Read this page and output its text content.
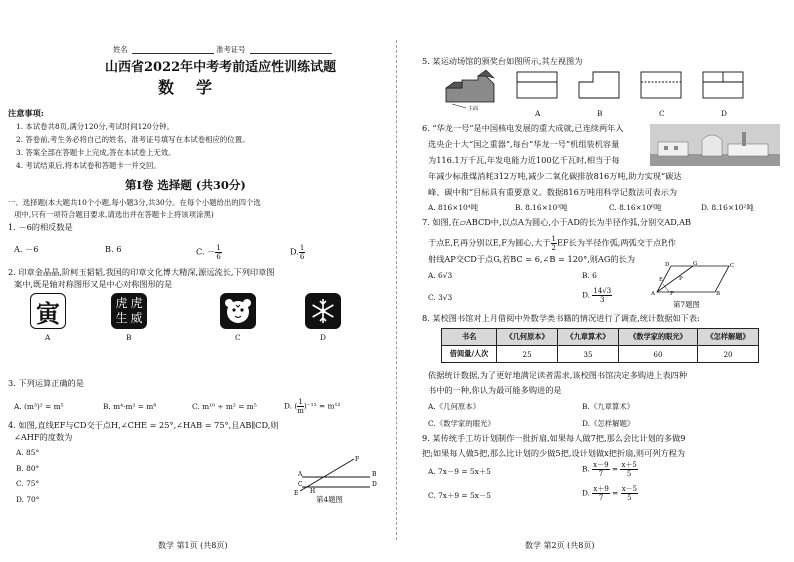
姓名	准考证号
山西省2022年中考考前适应性训练试题
数学
注意事项:
1. 本试卷共8页,满分120分,考试时间120分钟。
2. 答卷前,考生务必将自己的姓名、准考证号填写在本试卷相应的位置。
3. 答案全部在答题卡上完成,答在本试卷上无效。
4. 考试结束后,将本试卷和答题卡一并交回。
第Ⅰ卷 选择题 (共30分)
一、选择题(本大题共10个小题,每小题3分,共30分。在每个小题给出的四个选
项中,只有一项符合题目要求,请选出并在答题卡上将该项涂黑)
1. －6的相反数是
A. －6	B. 6	C. － $\frac{1}{6}$	D. $\frac{1}{6}$
2. 印章金晶晶,阶柯玉韬韬,我国的印章文化博大精深,源远流长,下列印章图
案中,既是轴对称图形又是中心对称图形的是
寅	虎 虎
生 威
A	B	C	D
3. 下列运算正确的是
A. (m³)² = m⁵	B. m⁴·m² = m⁸	C. m¹⁰ ÷ m² = m⁵	D. ( $\frac{1}{m} )^{-12} = m^{12}$
4. 如图,直线EF与CD交于点H,∠CHE = 25°,∠HAB = 75°,且AB∥CD,则
∠AHF的度数为
A. 85°
B. 80°
C. 75°
D. 70°
A	B
C	D
E
F
H
第4题图
数学 第1页 (共8页)
5. 某运动场馆的颁奖台如图所示,其左视图为
主面	A	B	C	D
6. “华龙一号”是中国核电发展的重大成就,已连续两年入
选央企十大“国之重器”,每台“华龙一号”机组装机容量
为116.1万千瓦,年发电能力近100亿千瓦时,相当于每
年减少标准煤消耗312万吨,减少二氧化碳排放816万吨,助力实现“碳达
峰、碳中和”目标具有重要意义。数据816万吨用科学记数法可表示为
A. 816×10⁴吨	B. 8.16×10³吨	C. 8.16×10⁶吨	D. 8.16×10²吨
7. 如图,在▱ABCD中,以点A为圆心,小于AD的长为半径作弧,分别交AD,AB
于点E,F,再分别以E,F为圆心,大于 $\frac{1}{2}$ EF长为半径作弧,两弧交于点P,作
射线AP交CD于点G,若BC = 6,∠B = 120°,则AG的长为
A. 6√3	B. 6
C. 3√3	D. $\frac{14√3}{3}$	A	B
C
D
E
F
G
P
第7题图
8. 某校图书馆对上月借阅中外数学类书籍的情况进行了调查,统计数据如下表:
书名	《几何原本》	《九章算术》	《数学家的眼光》	《怎样解题》
借阅量/人次	25	35	60	20
依据统计数据,为了更好地满足读者需求,该校图书馆决定多购进上表四种
书中的一种,你认为最可能多购进的是
A.《几何原本》	B.《九章算术》
C.《数学家的眼光》	D.《怎样解题》
9. 某传统手工坊计划制作一批折扇,如果每人做7把,那么会比计划的多做9
把;如果每人做5把,那么比计划的少做5把,设计划做x把折扇,则可列方程为
A. 7x－9 = 5x＋5	B. $\frac{x-9}{7} = \frac{x+5}{5}$
C. 7x＋9 = 5x－5	D. $\frac{x+9}{7} = \frac{x-5}{5}$
数学 第2页 (共8页)
